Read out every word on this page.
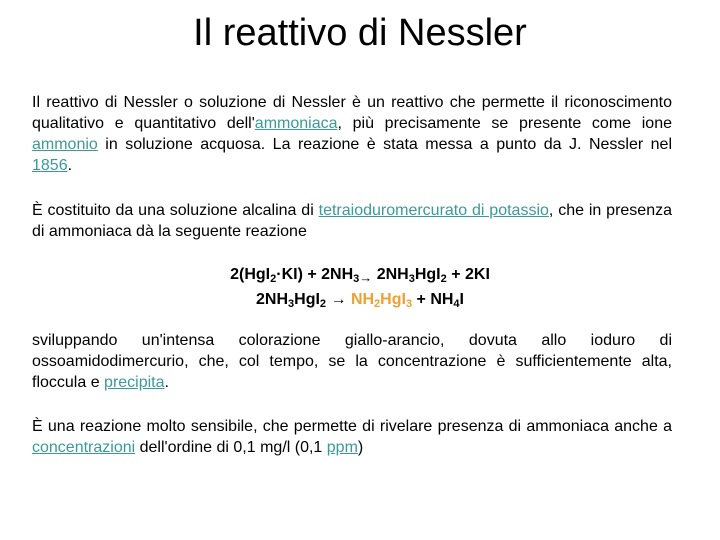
Il reattivo di Nessler

Il reattivo di Nessler o soluzione di Nessler è un reattivo che permette il riconoscimento qualitativo e quantitativo dell'ammoniaca, più precisamente se presente come ione ammonio in soluzione acquosa. La reazione è stata messa a punto da J. Nessler nel 1856.

È costituito da una soluzione alcalina di tetraioduromercurato di potassio, che in presenza di ammoniaca dà la seguente reazione

$2(HgI_2\cdot KI) + 2NH_3\to 2NH_3HgI_2 + 2KI$
$2NH_3HgI_2 \to NH_2HgI_3 + NH_4I$

sviluppando un'intensa colorazione giallo-arancio, dovuta allo ioduro di ossoamidodimercurio, che, col tempo, se la concentrazione è sufficientemente alta, flocculа e precipita.

È una reazione molto sensibile, che permette di rivelare presenza di ammoniaca anche a concentrazioni dell'ordine di 0,1 mg/l (0,1 ppm)
